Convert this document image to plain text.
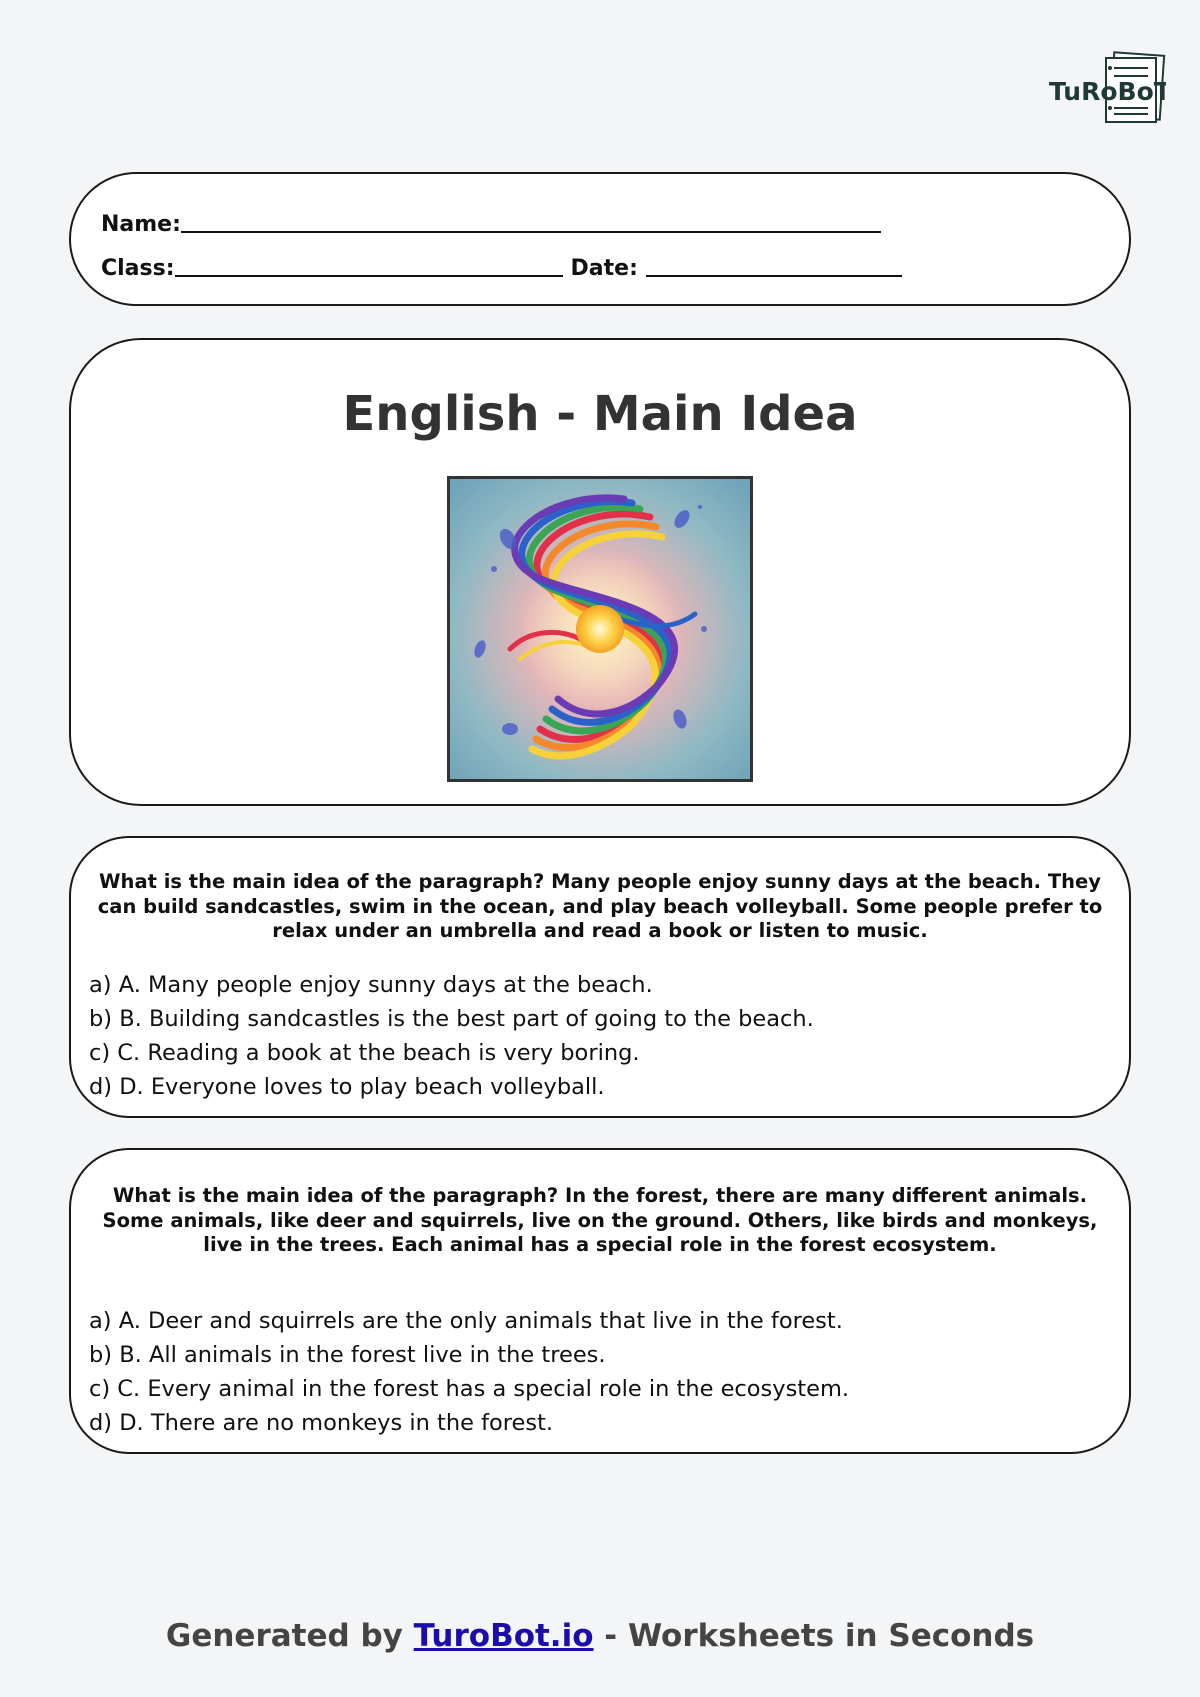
TuRoBoT
Name:
Class:	Date:
English - Main Idea
What is the main idea of the paragraph? Many people enjoy sunny days at the beach. They can build sandcastles, swim in the ocean, and play beach volleyball. Some people prefer to relax under an umbrella and read a book or listen to music.
a) A. Many people enjoy sunny days at the beach.
b) B. Building sandcastles is the best part of going to the beach.
c) C. Reading a book at the beach is very boring.
d) D. Everyone loves to play beach volleyball.
What is the main idea of the paragraph? In the forest, there are many different animals. Some animals, like deer and squirrels, live on the ground. Others, like birds and monkeys, live in the trees. Each animal has a special role in the forest ecosystem.
a) A. Deer and squirrels are the only animals that live in the forest.
b) B. All animals in the forest live in the trees.
c) C. Every animal in the forest has a special role in the ecosystem.
d) D. There are no monkeys in the forest.
Generated by TuroBot.io - Worksheets in Seconds
